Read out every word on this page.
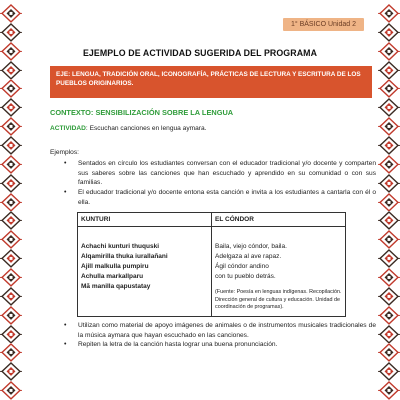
1° BÁSICO Unidad 2
EJEMPLO DE ACTIVIDAD SUGERIDA DEL PROGRAMA
EJE: LENGUA, TRADICIÓN ORAL, ICONOGRAFÍA, PRÁCTICAS DE LECTURA Y ESCRITURA DE LOS PUEBLOS ORIGINARIOS.
CONTEXTO: SENSIBILIZACIÓN SOBRE LA LENGUA
ACTIVIDAD: Escuchan canciones en lengua aymara.
Ejemplos:
• Sentados en círculo los estudiantes conversan con el educador tradicional y/o docente y comparten sus saberes sobre las canciones que han escuchado y aprendido en su comunidad o con sus familias.
• El educador tradicional y/o docente entona esta canción e invita a los estudiantes a cantarla con él o ella.
KUNTURI
Achachi kunturi thuquski
Alqamirilla thuka iurallañani
Ajill malkulla pumpiru
Achulla markallparu
Mã manilla qapustatay
EL CÓNDOR
Baila, viejo cóndor, baila.
Adelgaza al ave rapaz.
Ágil cóndor andino
con tu pueblo detrás.
(Fuente: Poesía en lenguas indígenas. Recopilación. Dirección general de cultura y educación. Unidad de coordinación de programas).
• Utilizan como material de apoyo imágenes de animales o de instrumentos musicales tradicionales de la música aymara que hayan escuchado en las canciones.
• Repiten la letra de la canción hasta lograr una buena pronunciación.
